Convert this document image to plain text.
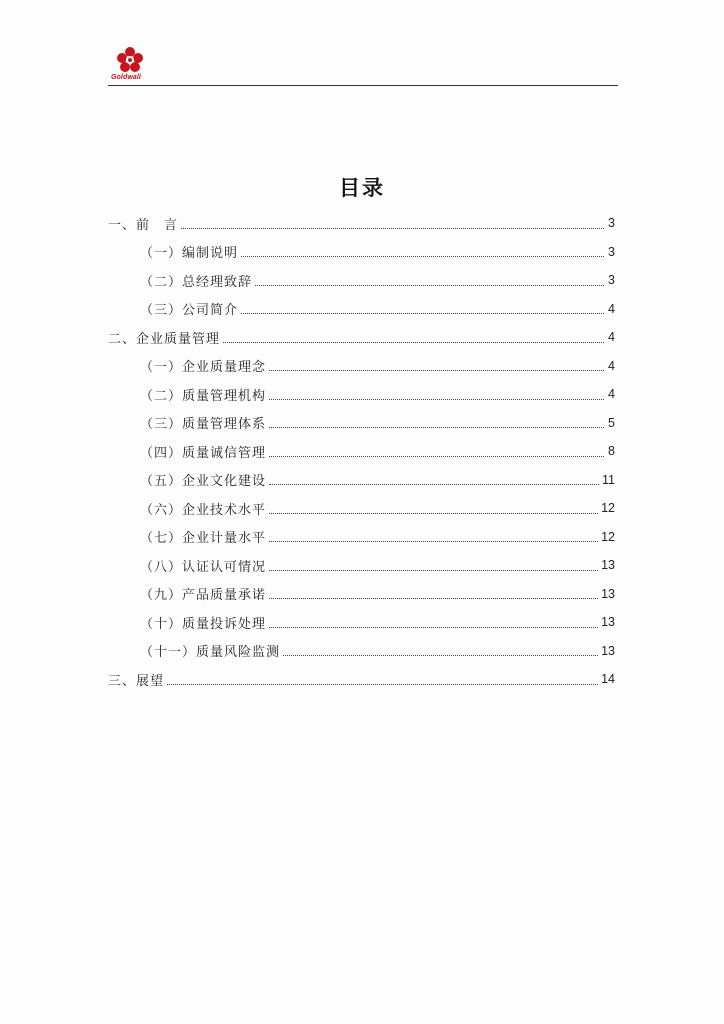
Goldwall
目录
一、前　言	3
（一）编制说明	3
（二）总经理致辞	3
（三）公司简介	4
二、企业质量管理	4
（一）企业质量理念	4
（二）质量管理机构	4
（三）质量管理体系	5
（四）质量诚信管理	8
（五）企业文化建设	11
（六）企业技术水平	12
（七）企业计量水平	12
（八）认证认可情况	13
（九）产品质量承诺	13
（十）质量投诉处理	13
（十一）质量风险监测	13
三、展望	14
